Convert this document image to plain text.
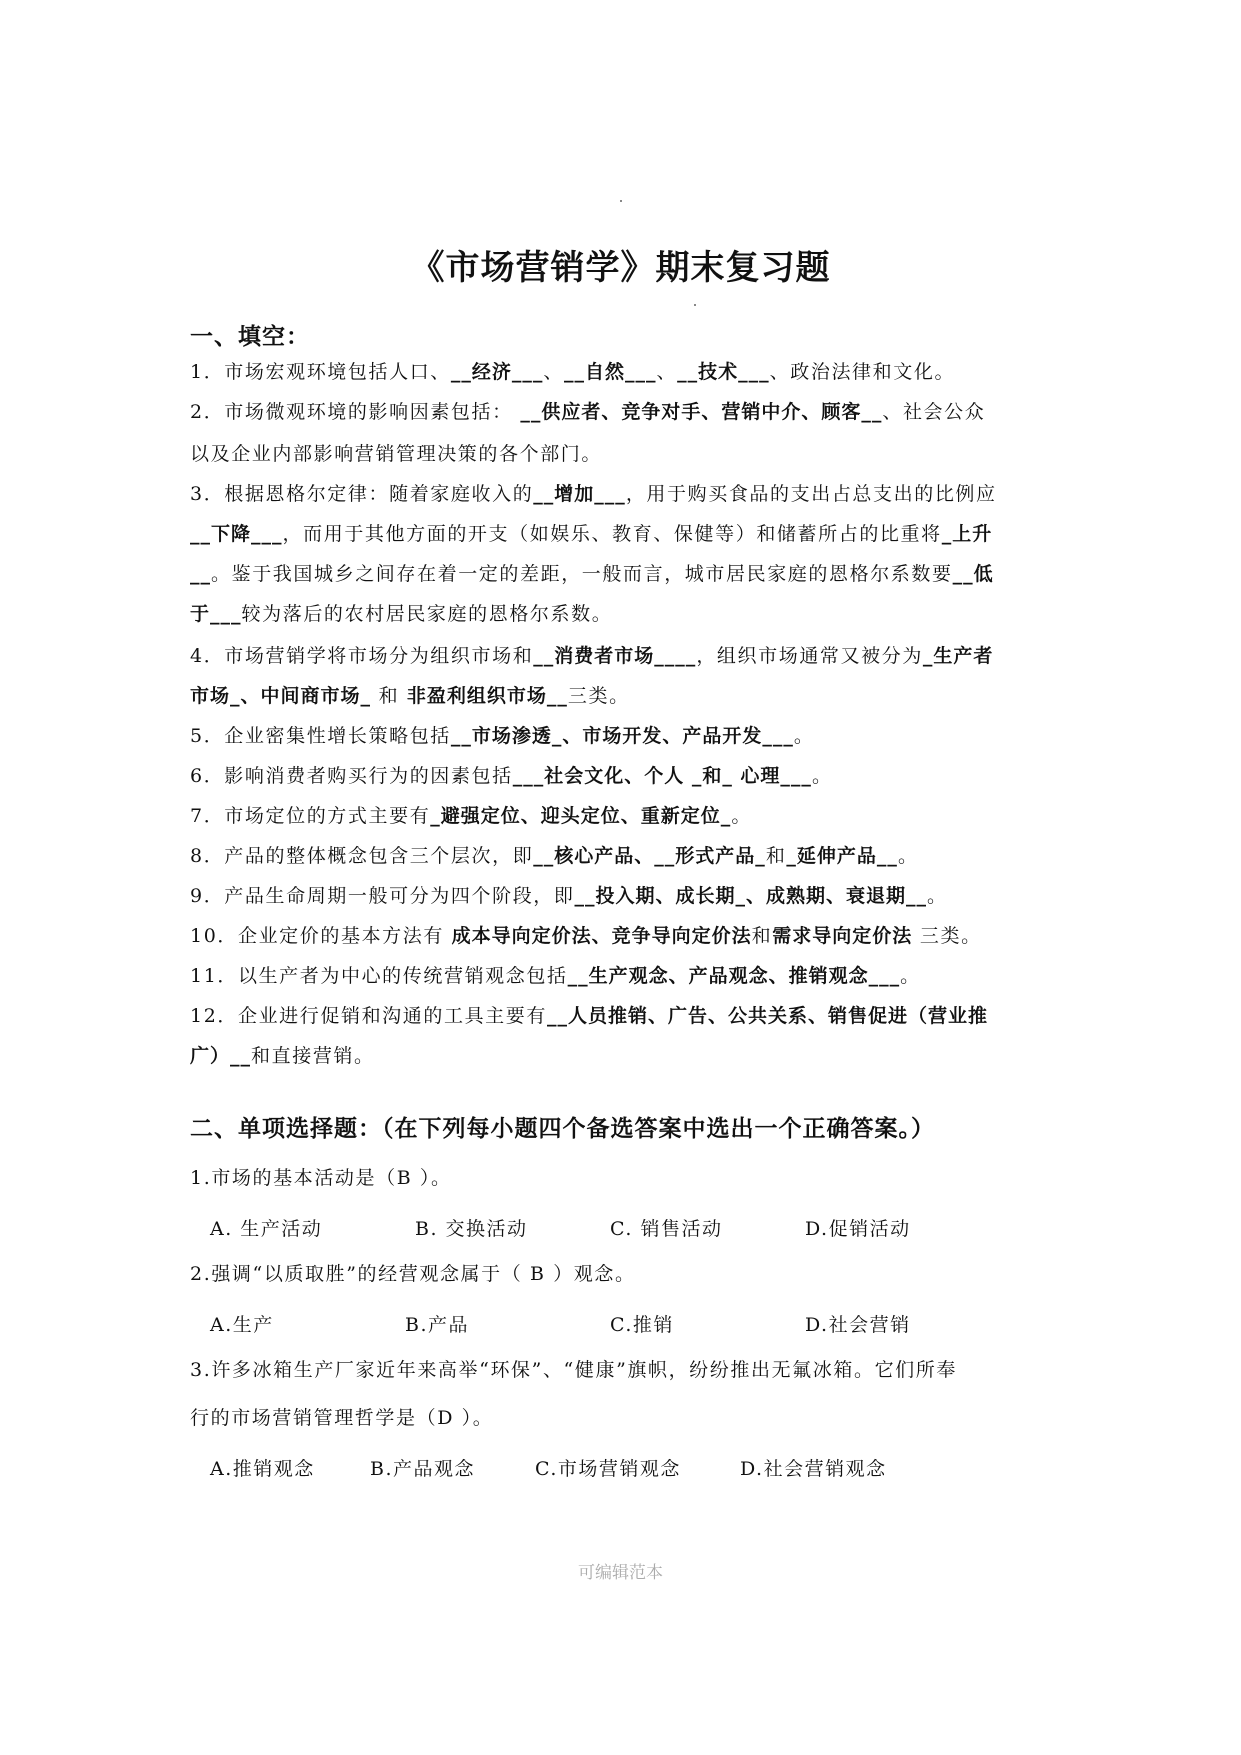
《市场营销学》期末复习题
一、填空：
1．市场宏观环境包括人口、__经济___、__自然___、__技术___、政治法律和文化。
2．市场微观环境的影响因素包括： __供应者、竞争对手、营销中介、顾客__、社会公众
以及企业内部影响营销管理决策的各个部门。
3．根据恩格尔定律：随着家庭收入的__增加___，用于购买食品的支出占总支出的比例应
__下降___，而用于其他方面的开支（如娱乐、教育、保健等）和储蓄所占的比重将_上升
__。鉴于我国城乡之间存在着一定的差距，一般而言，城市居民家庭的恩格尔系数要__低
于___较为落后的农村居民家庭的恩格尔系数。
4．市场营销学将市场分为组织市场和__消费者市场____，组织市场通常又被分为_生产者
市场_、中间商市场_ 和 非盈利组织市场__三类。
5．企业密集性增长策略包括__市场渗透_、市场开发、产品开发___。
6．影响消费者购买行为的因素包括___社会文化、个人 _和_ 心理___。
7．市场定位的方式主要有_避强定位、迎头定位、重新定位_。
8．产品的整体概念包含三个层次，即__核心产品、__形式产品_和_延伸产品__。
9．产品生命周期一般可分为四个阶段，即__投入期、成长期_、成熟期、衰退期__。
10．企业定价的基本方法有 成本导向定价法、竞争导向定价法和需求导向定价法 三类。
11．以生产者为中心的传统营销观念包括__生产观念、产品观念、推销观念___。
12．企业进行促销和沟通的工具主要有__人员推销、广告、公共关系、销售促进（营业推
广）__和直接营销。
二、单项选择题：（在下列每小题四个备选答案中选出一个正确答案。）
1.市场的基本活动是（B ）。
A. 生产活动	B. 交换活动	C. 销售活动	D.促销活动
2.强调“以质取胜”的经营观念属于（ B ）观念。
A.生产	B.产品	C.推销	D.社会营销
3.许多冰箱生产厂家近年来高举“环保”、“健康”旗帜，纷纷推出无氟冰箱。它们所奉
行的市场营销管理哲学是（D ）。
A.推销观念	B.产品观念	C.市场营销观念	D.社会营销观念
可编辑范本
